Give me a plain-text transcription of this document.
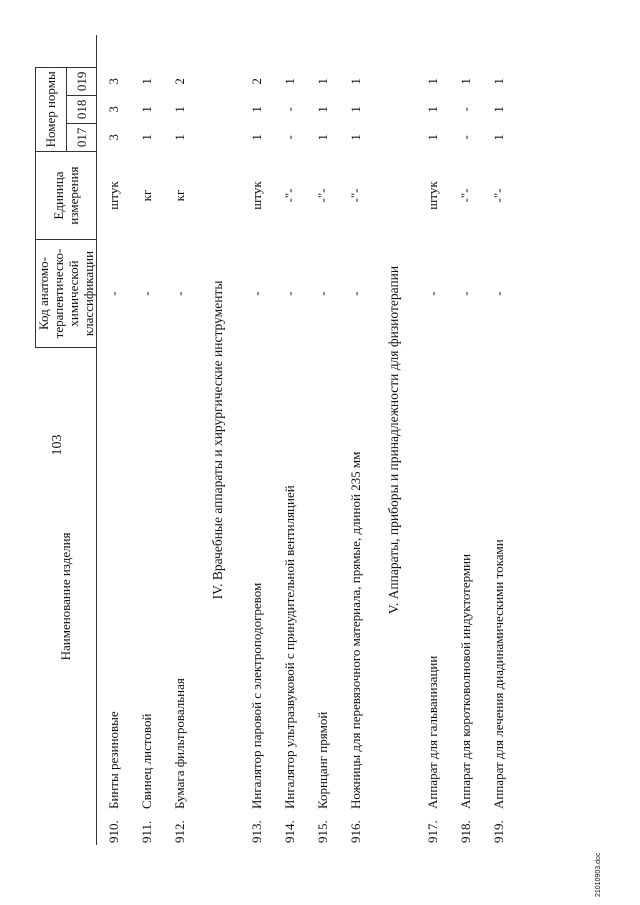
103
Наименование изделия	Код анатомо-терапевтическо-химической классификации	Единица измерения	Номер нормы			
			017	018	019	
910.Бинты резиновые	-	штук	3	3	3	
911.Свинец листовой	-	кг	1	1	1	
912.Бумага фильтровальная	-	кг	1	1	2	
IV. Врачебные аппараты и хирургические инструменты						
913.Ингалятор паровой с электроподогревом	-	штук	1	1	2	
914.Ингалятор ультразвуковой с принудительной вентиляцией	-	-"-	-	-	1	
915.Корнцанг прямой	-	-"-	1	1	1	
916.Ножницы для перевязочного материала, прямые, длиной 235 мм	-	-"-	1	1	1	
V. Аппараты, приборы и принадлежности для физиотерапии						
917.Аппарат для гальванизации	-	штук	1	1	1	
918.Аппарат для коротковолновой индуктотермии	-	-"-	-	-	1	
919.Аппарат для лечения диадинамическими токами	-	-"-	1	1	1	
21010903.doc
